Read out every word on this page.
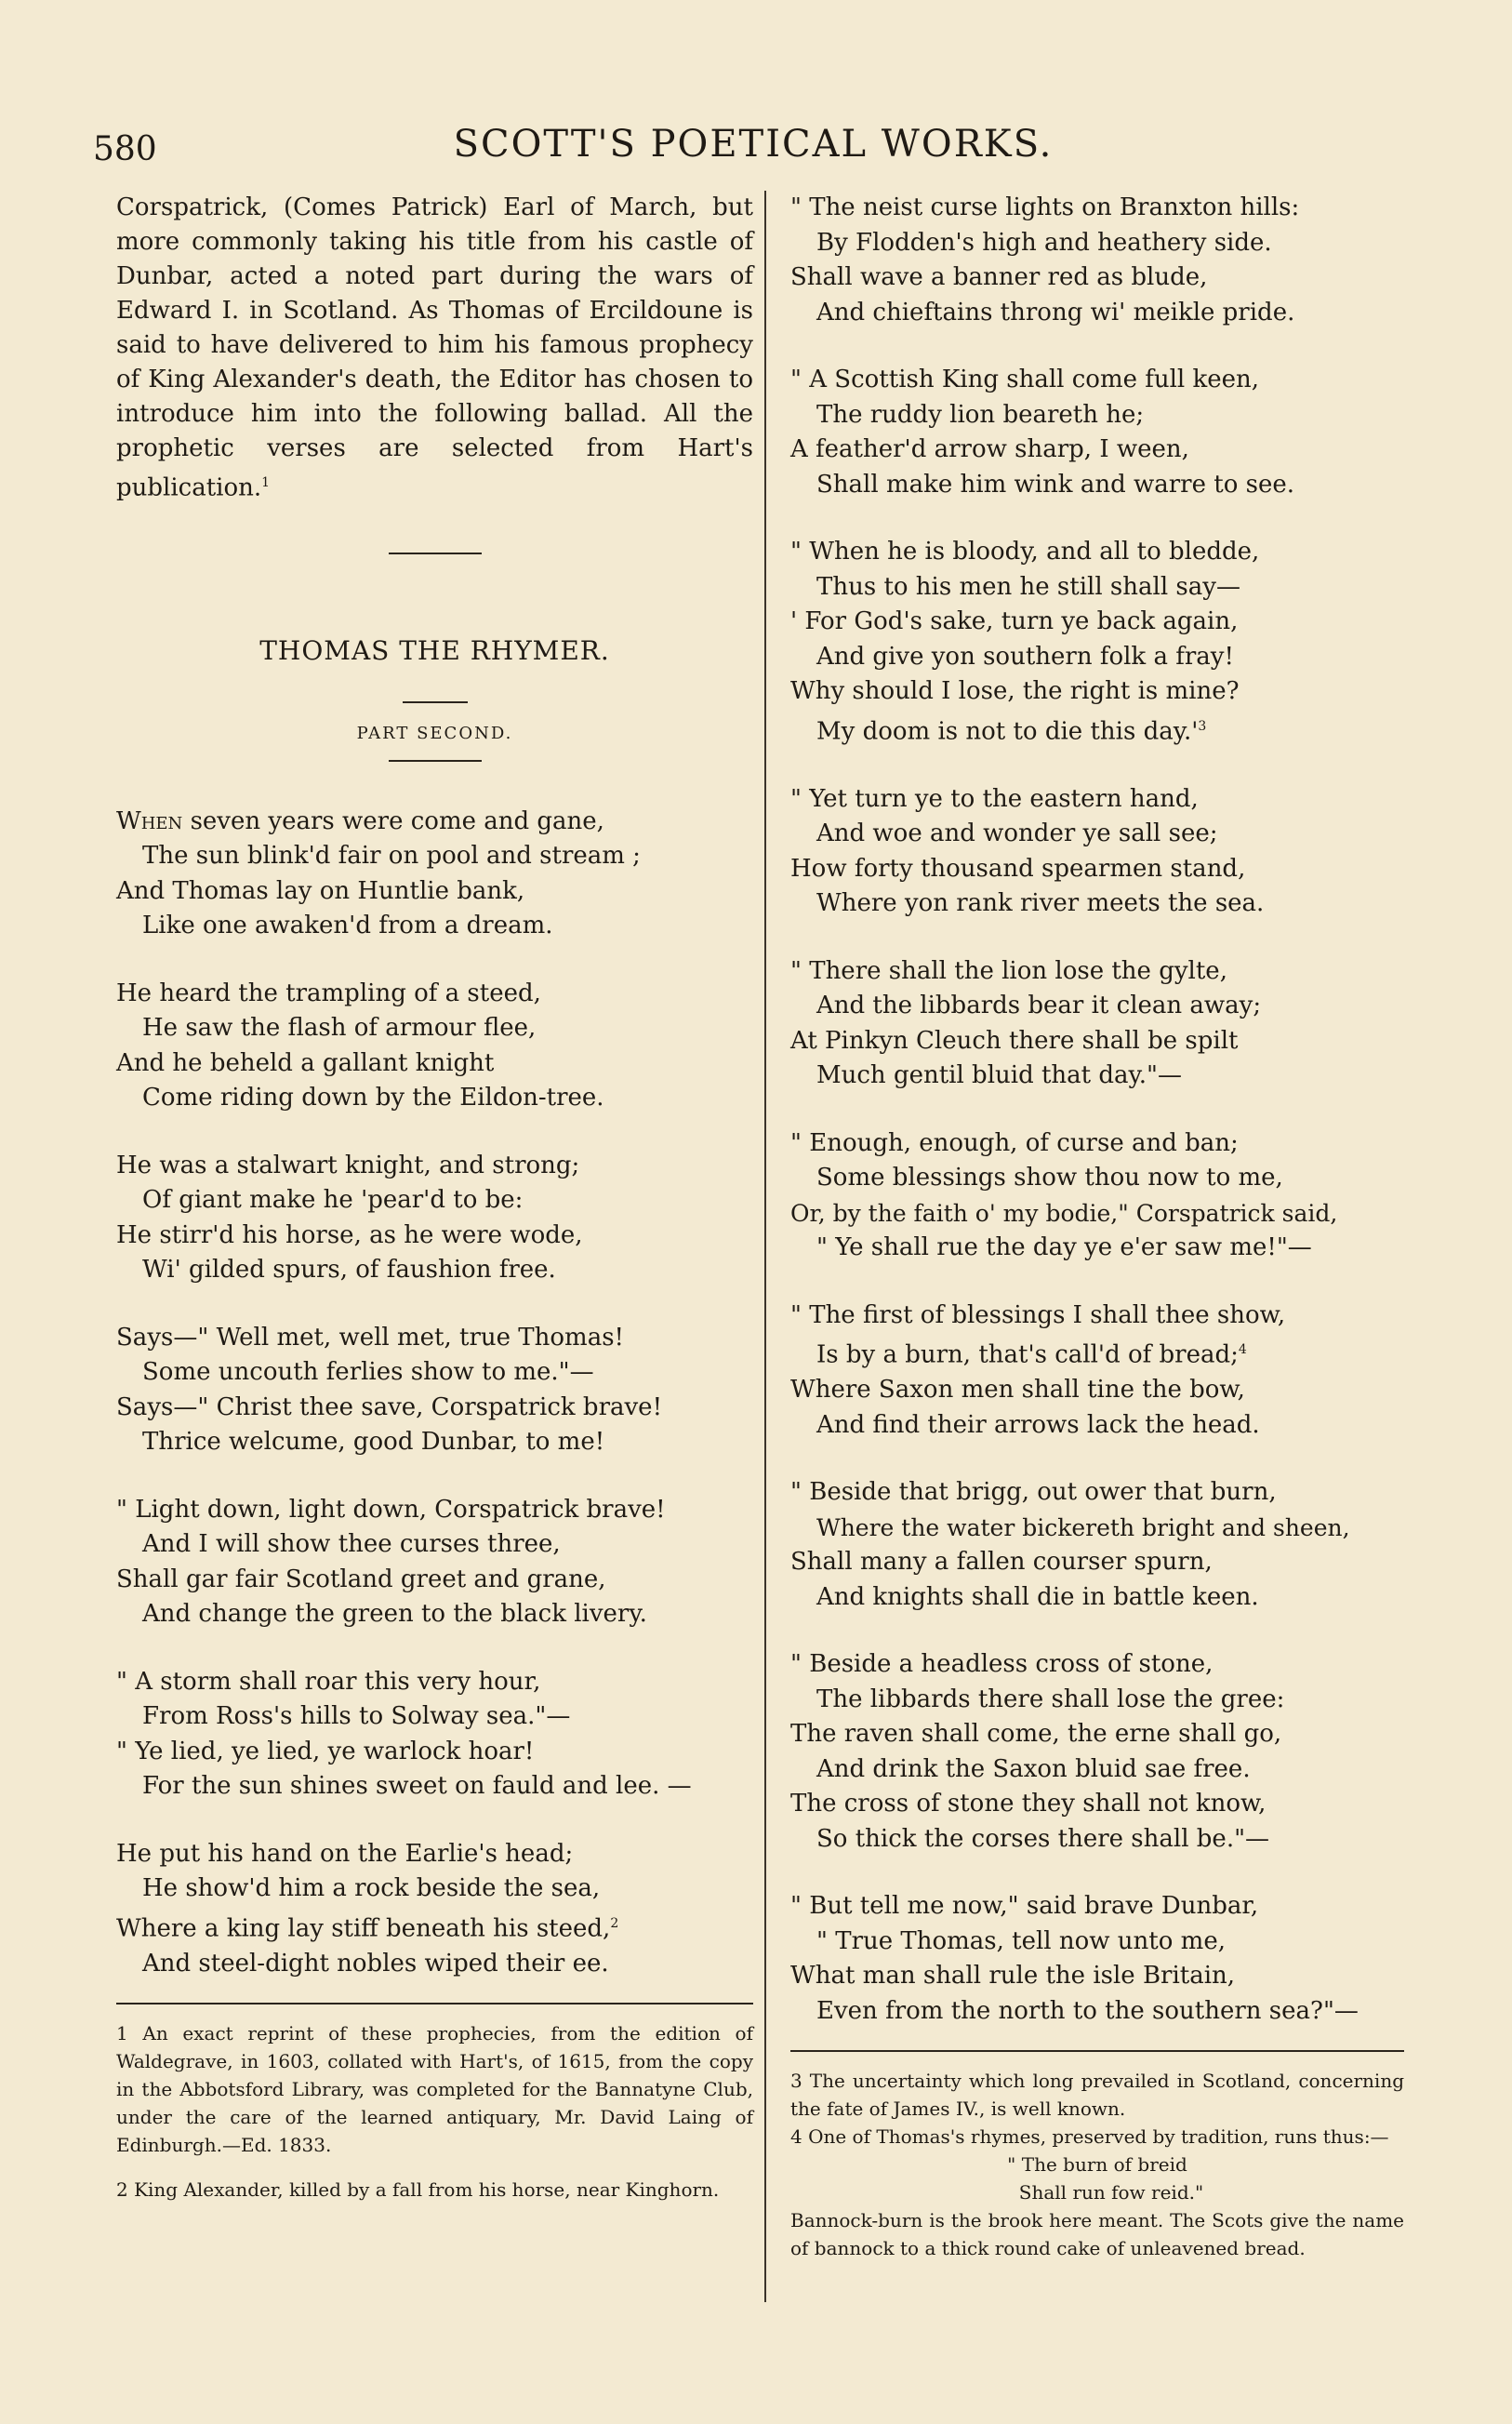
580	SCOTT'S POETICAL WORKS.

Corspatrick, (Comes Patrick) Earl of March, but more commonly taking his title from his castle of Dunbar, acted a noted part during the wars of Edward I. in Scotland. As Thomas of Ercildoune is said to have delivered to him his famous prophecy of King Alexander's death, the Editor has chosen to introduce him into the following ballad. All the prophetic verses are selected from Hart's publication.$^1$

THOMAS THE RHYMER.

PART SECOND.

When seven years were come and gane,
The sun blink'd fair on pool and stream ;
And Thomas lay on Huntlie bank,
Like one awaken'd from a dream.
He heard the trampling of a steed,
He saw the flash of armour flee,
And he beheld a gallant knight
Come riding down by the Eildon-tree.
He was a stalwart knight, and strong;
Of giant make he 'pear'd to be:
He stirr'd his horse, as he were wode,
Wi' gilded spurs, of faushion free.
Says—" Well met, well met, true Thomas!
Some uncouth ferlies show to me."—
Says—" Christ thee save, Corspatrick brave!
Thrice welcume, good Dunbar, to me!
" Light down, light down, Corspatrick brave!
And I will show thee curses three,
Shall gar fair Scotland greet and grane,
And change the green to the black livery.
" A storm shall roar this very hour,
From Ross's hills to Solway sea."—
" Ye lied, ye lied, ye warlock hoar!
For the sun shines sweet on fauld and lee. —
He put his hand on the Earlie's head;
He show'd him a rock beside the sea,
Where a king lay stiff beneath his steed,$^2$
And steel-dight nobles wiped their ee.

1 An exact reprint of these prophecies, from the edition of Waldegrave, in 1603, collated with Hart's, of 1615, from the copy in the Abbotsford Library, was completed for the Bannatyne Club, under the care of the learned antiquary, Mr. David Laing of Edinburgh.—Ed. 1833.

2 King Alexander, killed by a fall from his horse, near Kinghorn.

" The neist curse lights on Branxton hills:
By Flodden's high and heathery side.
Shall wave a banner red as blude,
And chieftains throng wi' meikle pride.
" A Scottish King shall come full keen,
The ruddy lion beareth he;
A feather'd arrow sharp, I ween,
Shall make him wink and warre to see.
" When he is bloody, and all to bledde,
Thus to his men he still shall say—
' For God's sake, turn ye back again,
And give yon southern folk a fray!
Why should I lose, the right is mine?
My doom is not to die this $day.'^3$
" Yet turn ye to the eastern hand,
And woe and wonder ye sall see;
How forty thousand spearmen stand,
Where yon rank river meets the sea.
" There shall the lion lose the gylte,
And the libbards bear it clean away;
At Pinkyn Cleuch there shall be spilt
Much gentil bluid that day."—
" Enough, enough, of curse and ban;
Some blessings show thou now to me,
Or, by the faith o' my bodie," Corspatrick said,
" Ye shall rue the day ye e'er saw me!"—
" The first of blessings I shall thee show,
Is by a burn, that's call'd of bread;$^4$
Where Saxon men shall tine the bow,
And find their arrows lack the head.
" Beside that brigg, out ower that burn,
Where the water bickereth bright and sheen,
Shall many a fallen courser spurn,
And knights shall die in battle keen.
" Beside a headless cross of stone,
The libbards there shall lose the gree:
The raven shall come, the erne shall go,
And drink the Saxon bluid sae free.
The cross of stone they shall not know,
So thick the corses there shall be."—
" But tell me now," said brave Dunbar,
" True Thomas, tell now unto me,
What man shall rule the isle Britain,
Even from the north to the southern sea?"—

3 The uncertainty which long prevailed in Scotland, concerning the fate of James IV., is well known.

4 One of Thomas's rhymes, preserved by tradition, runs thus:—

" The burn of breid
Shall run fow reid."

Bannock-burn is the brook here meant. The Scots give the name of bannock to a thick round cake of unleavened bread.
